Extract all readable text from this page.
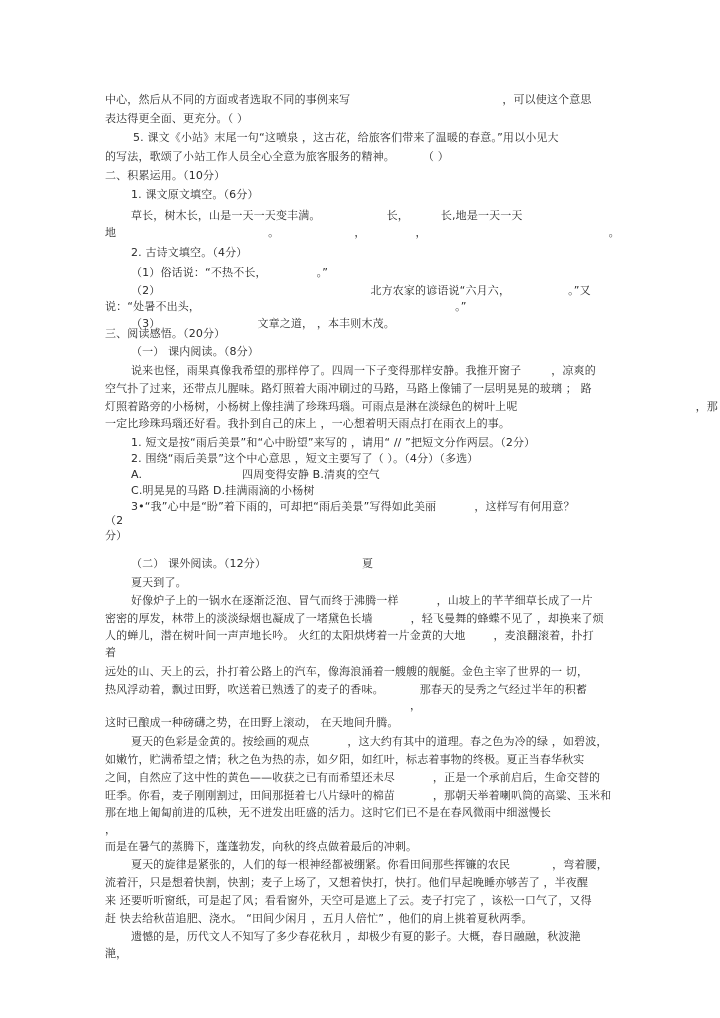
夏
中心，然后从不同的方面或者选取不同的事例来写	，可以使这个意思
表达得更全面、更充分。（ ）
5. 课文《小站》末尾一句“这喷泉 ，这古花，给旅客们带来了温暖的春意。”用以小见大
的写法，歌颂了小站工作人员全心全意为旅客服务的精神。	（ ）
二、积累运用。（10分）
1. 课文原文填空。（6分）
草长，树木长，山是一天一天变丰满。	长，	长,地是一天一天
地	。	，	，	。
2. 古诗文填空。（4分）
（1）俗话说：“不热不长，	。”
（2）	北方农家的谚语说“六月六，	。”又
说：“处暑不出头，	。”
（3）	文章之道， ，本丰则木茂。
三、阅读感悟。（20分）
（一） 课内阅读。（8分）
说来也怪，雨果真像我希望的那样停了。四周一下子变得那样安静。我推开窗子	，凉爽的
空气扑了过来，还带点儿腥味。路灯照着大雨冲刷过的马路，马路上像铺了一层明晃晃的玻璃 ； 路
灯照着路旁的小杨树，小杨树上像挂满了珍珠玛瑙。可雨点是淋在淡绿色的树叶上呢	，那
一定比珍珠玛瑙还好看。我扑到自己的床上 ，一心想着明天雨点打在雨衣上的事。
1. 短文是按“雨后美景”和“心中盼望”来写的 ，请用“ // ”把短文分作两层。（2分）
2. 围绕“雨后美景”这个中心意思 ，短文主要写了（ ）。（4分）（多选）
A.	四周变得安静 B.清爽的空气
C.明晃晃的马路 D.挂满雨滴的小杨树
3•“我”心中是“盼”着下雨的，可却把“雨后美景”写得如此美丽	，这样写有何用意？
（2
分）
（二） 课外阅读。（12分）
夏天到了。
好像炉子上的一锅水在逐渐泛泡、冒气而终于沸腾一样	，山坡上的芊芊细草长成了一片
密密的厚发，林带上的淡淡绿烟也凝成了一堵黛色长墙	，轻飞曼舞的蜂蝶不见了 ，却换来了烦
人的蝉儿，潜在树叶间一声声地长吟。 火红的太阳烘烤着一片金黄的大地	，麦浪翻滚着，扑打
着
远处的山、天上的云，扑打着公路上的汽车，像海浪涌着一艘艘的舰艇。金色主宰了世界的一 切，
热风浮动着，飘过田野，吹送着已熟透了的麦子的香味。	那春天的旻秀之气经过半年的积蓄
，
这时已酿成一种磅礴之势，在田野上滚动， 在天地间升腾。
夏天的色彩是金黄的。按绘画的观点	，这大约有其中的道理。春之色为冷的绿 ，如碧波，
如嫩竹，贮满希望之情；秋之色为热的赤，如夕阳，如红叶，标志着事物的终极。夏正当春华秋实
之间，自然应了这中性的黄色——收获之已有而希望还未尽	，正是一个承前启后，生命交替的
旺季。你看，麦子刚刚割过，田间那挺着七八片绿叶的棉苗	，那朝天举着喇叭筒的高粱、玉米和
那在地上匍匐前进的瓜秧，无不迸发出旺盛的活力。这时它们已不是在春风微雨中细滋慢长
，
而是在暑气的蒸腾下，蓬蓬勃发，向秋的终点做着最后的冲刺。
夏天的旋律是紧张的，人们的每一根神经都被绷紧。你看田间那些挥镰的农民	，弯着腰，
流着汗，只是想着快割，快割；麦子上场了，又想着快打，快打。他们早起晚睡亦够苦了 ，半夜醒
来 还要听听窗纸，可是起了风；看看窗外，天空可是遮上了云。麦子打完了 ，该松一口气了，又得
赶 快去给秋苗追肥、浇水。 “田间少闲月 ，五月人倍忙” ，他们的肩上挑着夏秋两季。
遗憾的是，历代文人不知写了多少春花秋月 ，却极少有夏的影子。大概，春日融融，秋波滟
滟，
